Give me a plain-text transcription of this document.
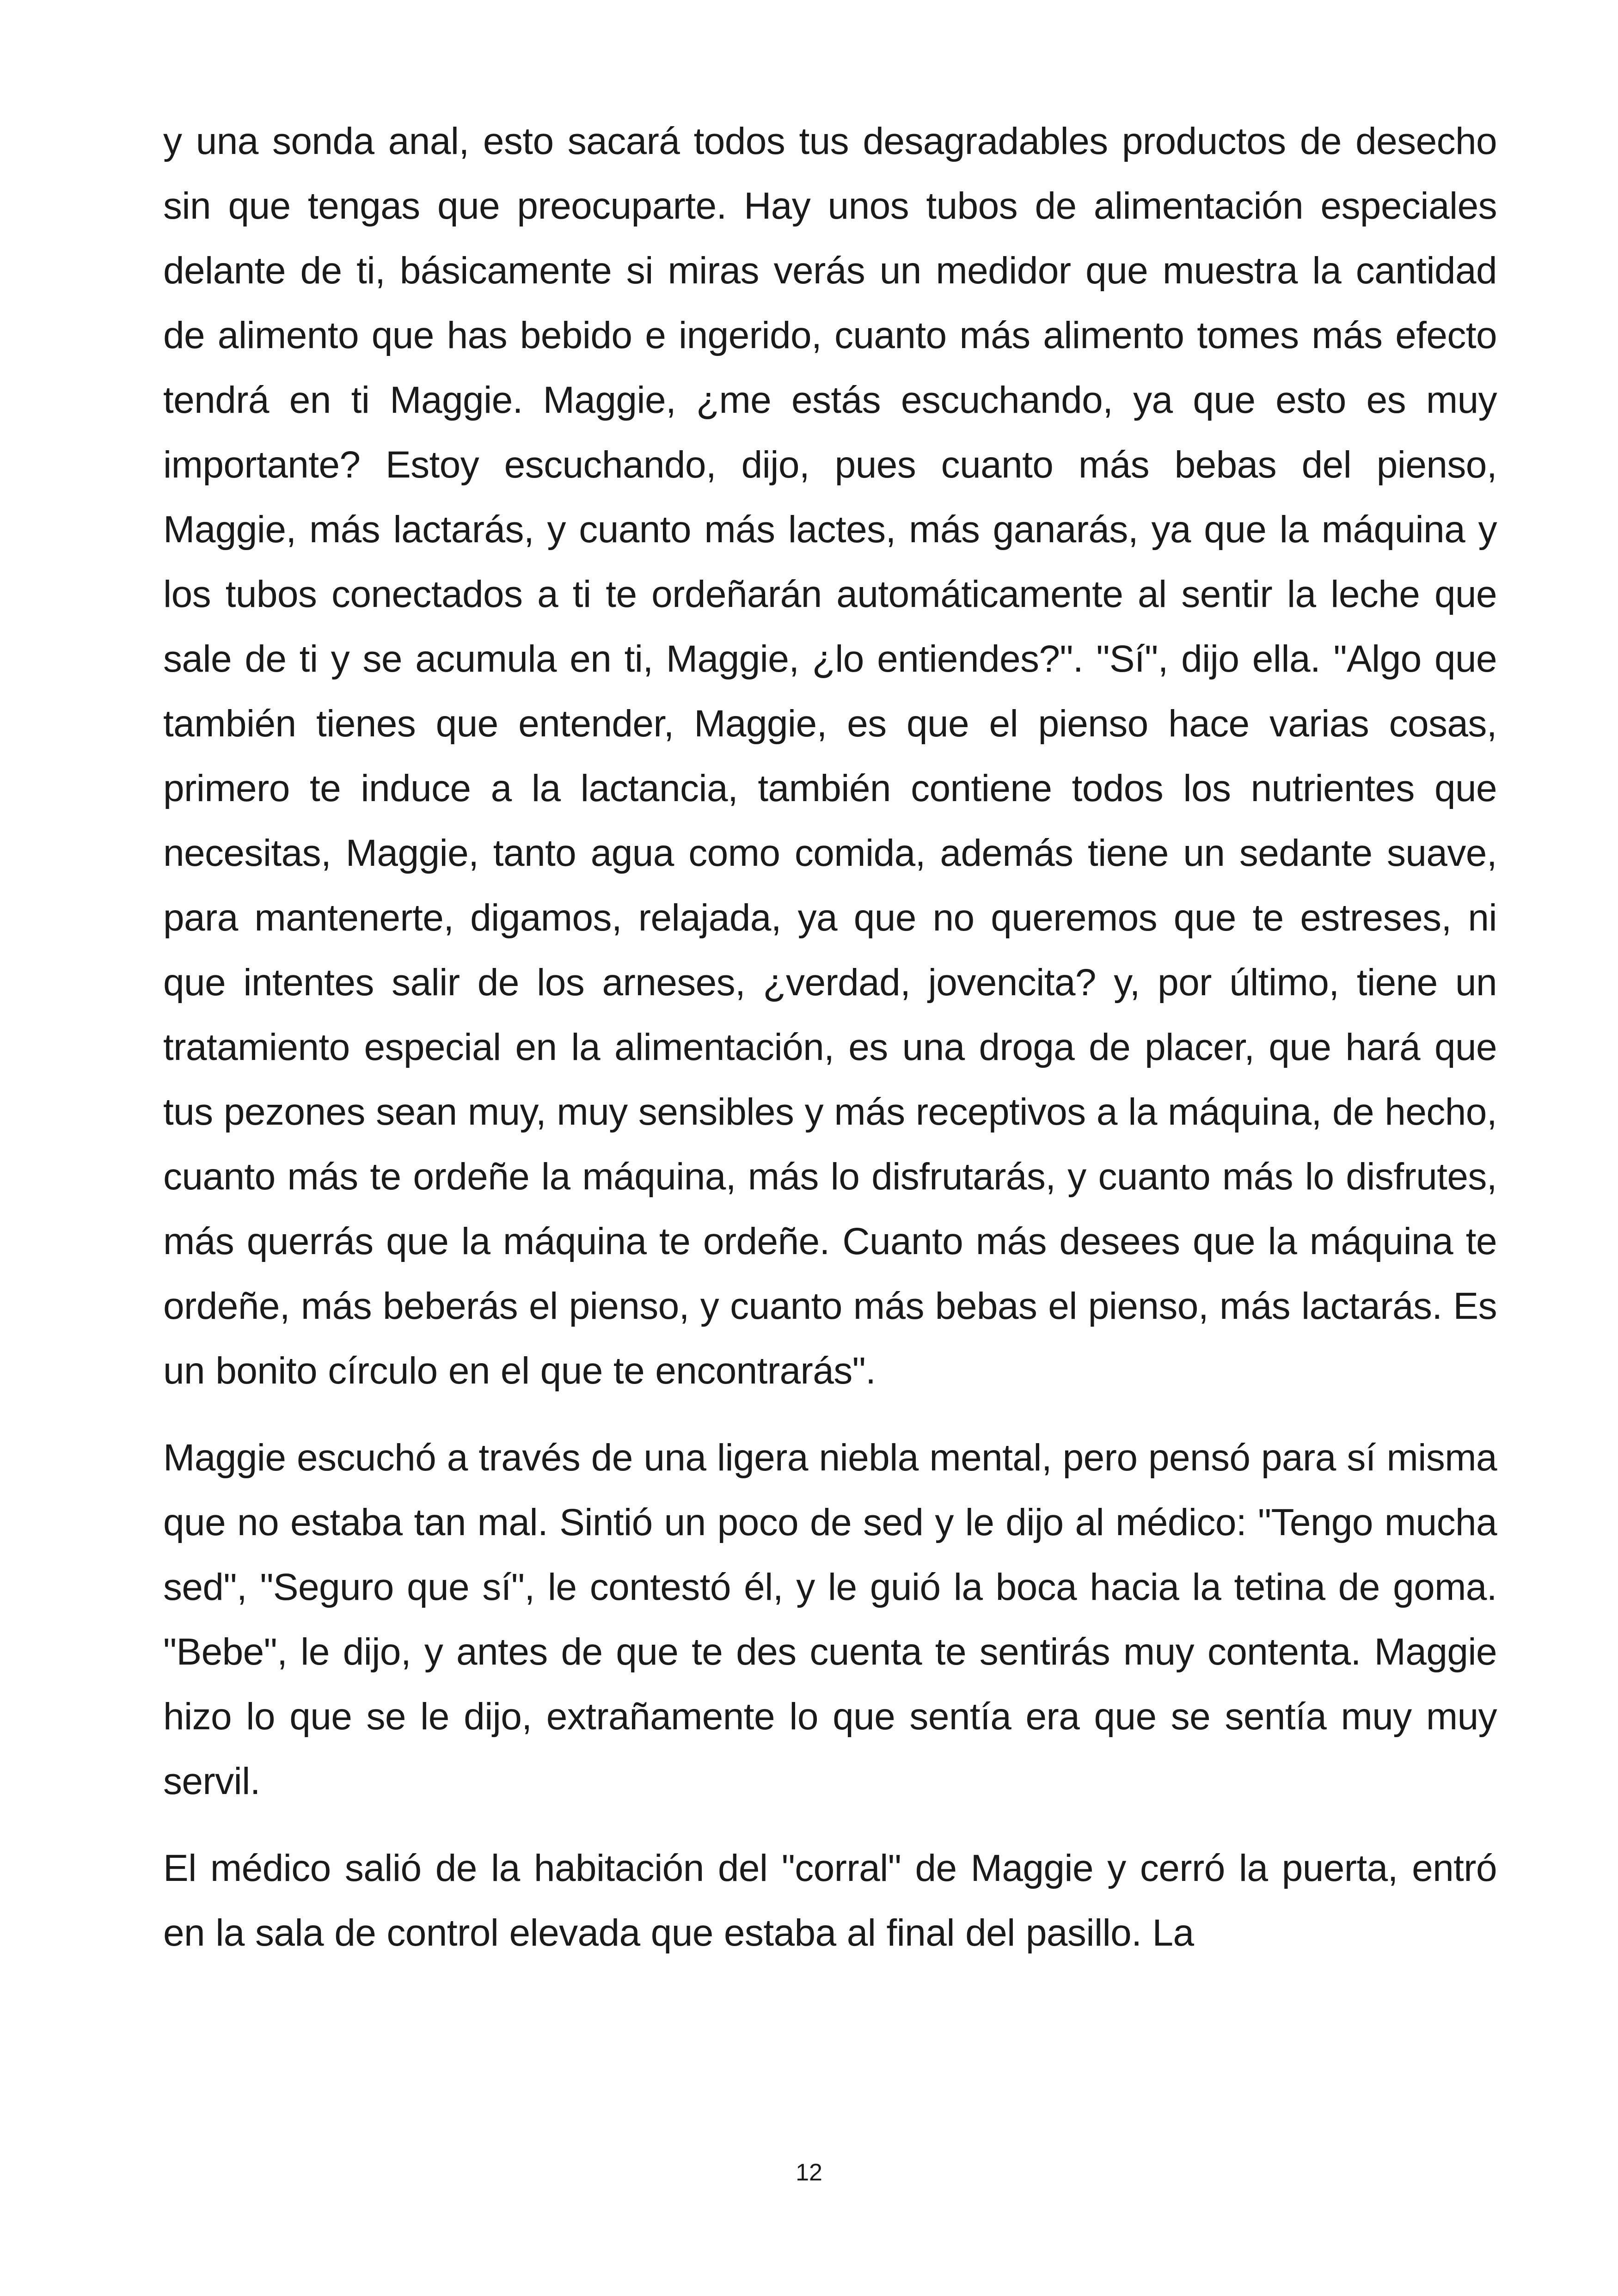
y una sonda anal, esto sacará todos tus desagradables productos de desecho sin que tengas que preocuparte. Hay unos tubos de alimentación especiales delante de ti, básicamente si miras verás un medidor que muestra la cantidad de alimento que has bebido e ingerido, cuanto más alimento tomes más efecto tendrá en ti Maggie. Maggie, ¿me estás escuchando, ya que esto es muy importante? Estoy escuchando, dijo, pues cuanto más bebas del pienso, Maggie, más lactarás, y cuanto más lactes, más ganarás, ya que la máquina y los tubos conectados a ti te ordeñarán automáticamente al sentir la leche que sale de ti y se acumula en ti, Maggie, ¿lo entiendes?". "Sí", dijo ella. "Algo que también tienes que entender, Maggie, es que el pienso hace varias cosas, primero te induce a la lactancia, también contiene todos los nutrientes que necesitas, Maggie, tanto agua como comida, además tiene un sedante suave, para mantenerte, digamos, relajada, ya que no queremos que te estreses, ni que intentes salir de los arneses, ¿verdad, jovencita? y, por último, tiene un tratamiento especial en la alimentación, es una droga de placer, que hará que tus pezones sean muy, muy sensibles y más receptivos a la máquina, de hecho, cuanto más te ordeñe la máquina, más lo disfrutarás, y cuanto más lo disfrutes, más querrás que la máquina te ordeñe. Cuanto más desees que la máquina te ordeñe, más beberás el pienso, y cuanto más bebas el pienso, más lactarás. Es un bonito círculo en el que te encontrarás".

Maggie escuchó a través de una ligera niebla mental, pero pensó para sí misma que no estaba tan mal. Sintió un poco de sed y le dijo al médico: "Tengo mucha sed", "Seguro que sí", le contestó él, y le guió la boca hacia la tetina de goma. "Bebe", le dijo, y antes de que te des cuenta te sentirás muy contenta. Maggie hizo lo que se le dijo, extrañamente lo que sentía era que se sentía muy muy servil.

El médico salió de la habitación del "corral" de Maggie y cerró la puerta, entró en la sala de control elevada que estaba al final del pasillo. La

12
